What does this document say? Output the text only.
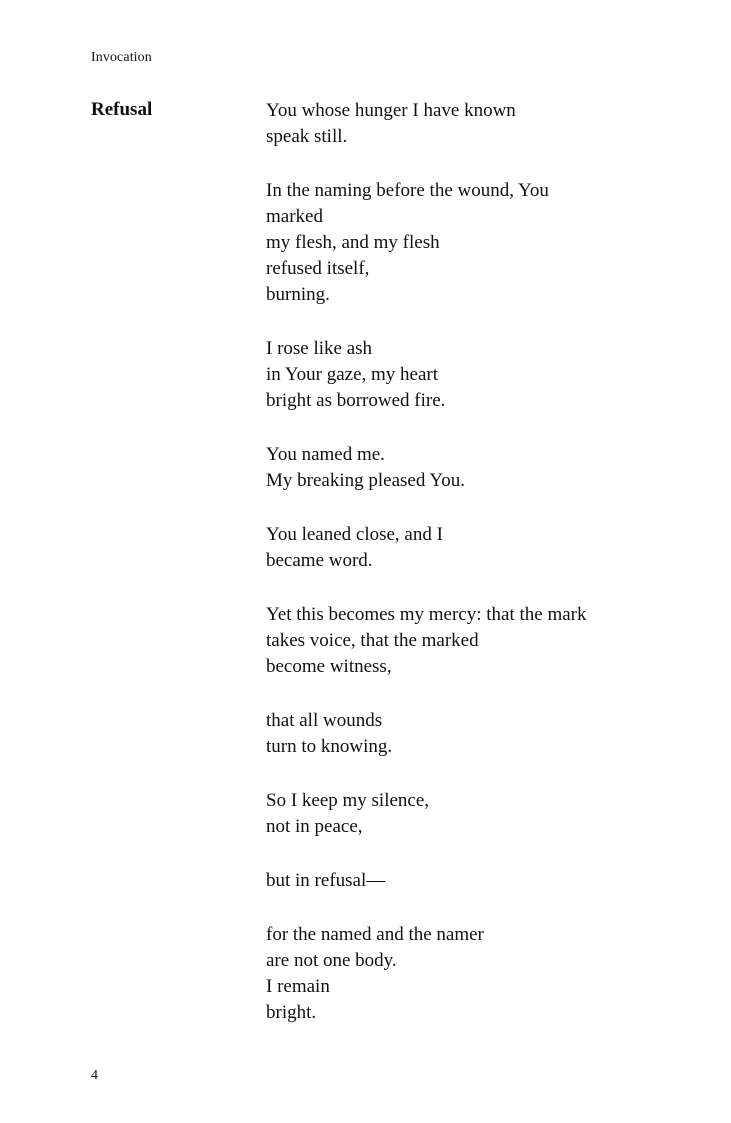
Invocation
Refusal	You whose hunger I have known
speak still.
In the naming before the wound, You
marked
my flesh, and my flesh
refused itself,
burning.
I rose like ash
in Your gaze, my heart
bright as borrowed fire.
You named me.
My breaking pleased You.
You leaned close, and I
became word.
Yet this becomes my mercy: that the mark
takes voice, that the marked
become witness,
that all wounds
turn to knowing.
So I keep my silence,
not in peace,
but in refusal—
for the named and the namer
are not one body.
I remain
bright.
4
